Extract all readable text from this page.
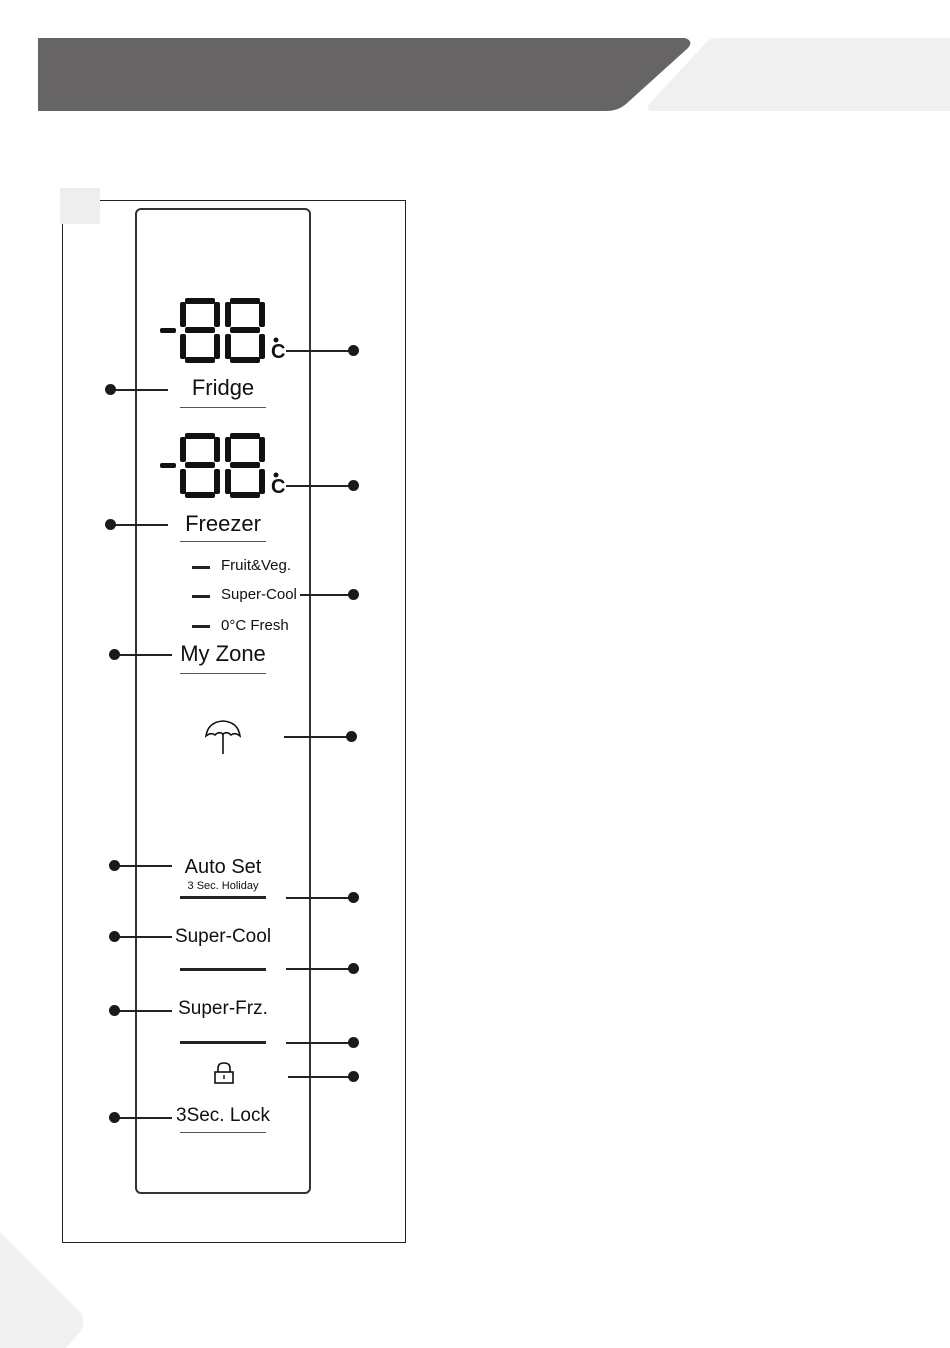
C
Fridge
C
Freezer
Fruit&Veg.
Super-Cool
0°C Fresh
My Zone
Auto Set
3 Sec. Holiday
Super-Cool
Super-Frz.
3Sec. Lock
